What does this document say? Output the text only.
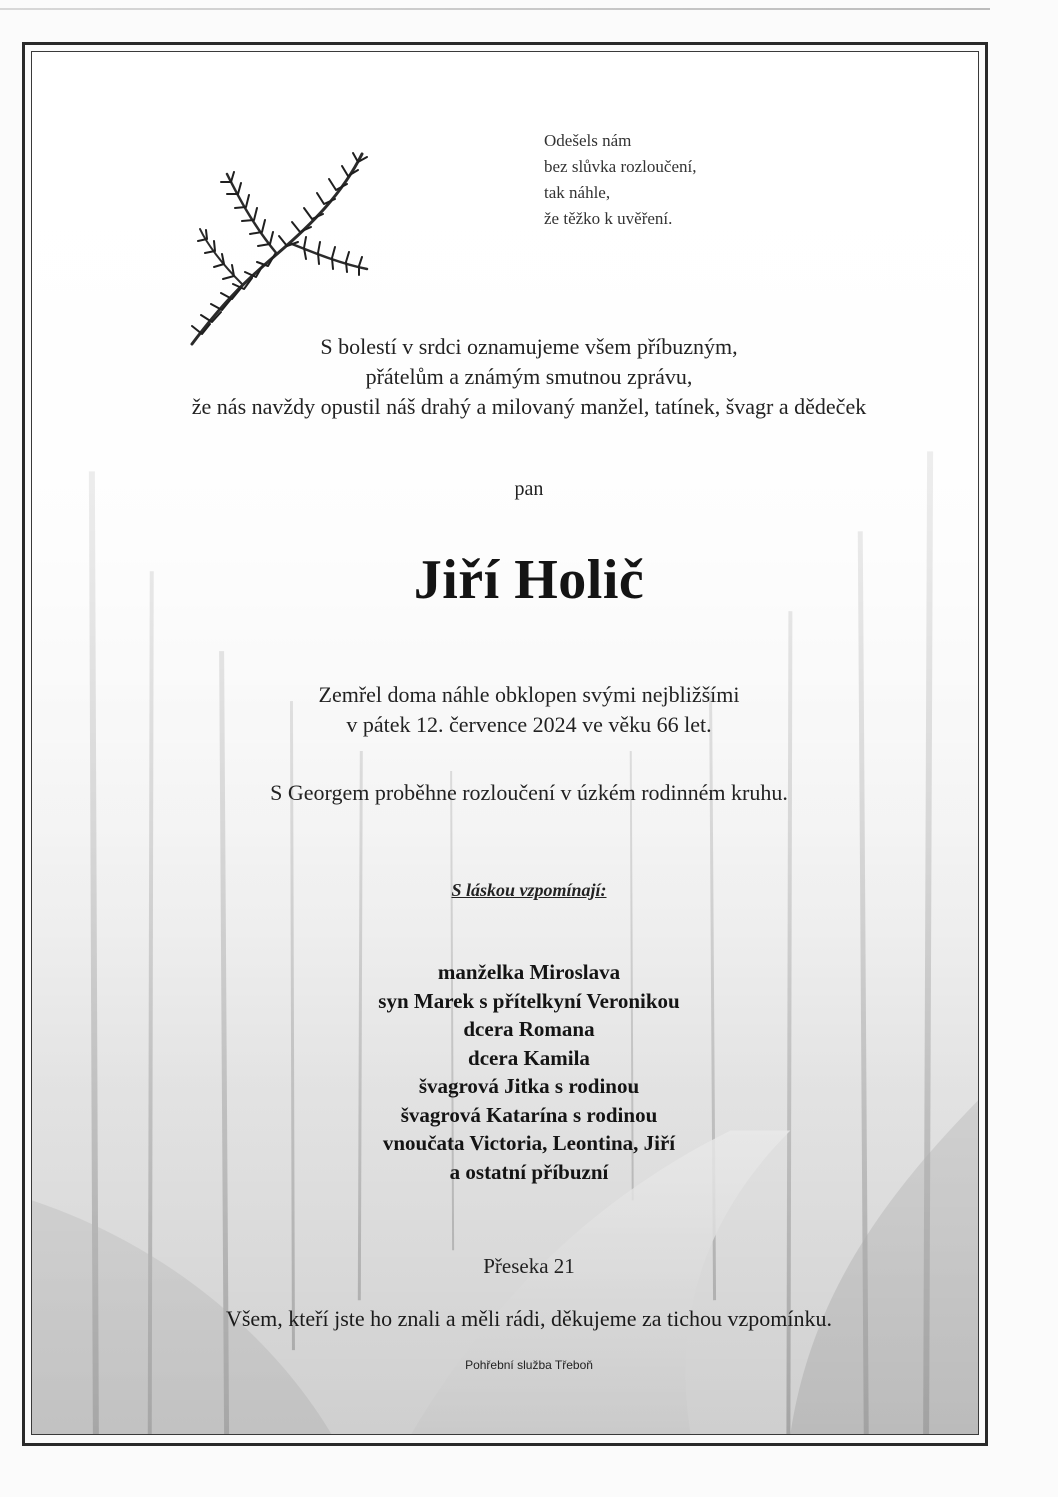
Odešels nám
bez slůvka rozloučení,
tak náhle,
že těžko k uvěření.
S bolestí v srdci oznamujeme všem příbuzným,
přátelům a známým smutnou zprávu,
že nás navždy opustil náš drahý a milovaný manžel, tatínek, švagr a dědeček
pan
Jiří Holič
Zemřel doma náhle obklopen svými nejbližšími
v pátek 12. července 2024 ve věku 66 let.
S Georgem proběhne rozloučení v úzkém rodinném kruhu.
S láskou vzpomínají:
manželka Miroslava
syn Marek s přítelkyní Veronikou
dcera Romana
dcera Kamila
švagrová Jitka s rodinou
švagrová Katarína s rodinou
vnoučata Victoria, Leontina, Jiří
a ostatní příbuzní
Přeseka 21
Všem, kteří jste ho znali a měli rádi, děkujeme za tichou vzpomínku.
Pohřební služba Třeboň
